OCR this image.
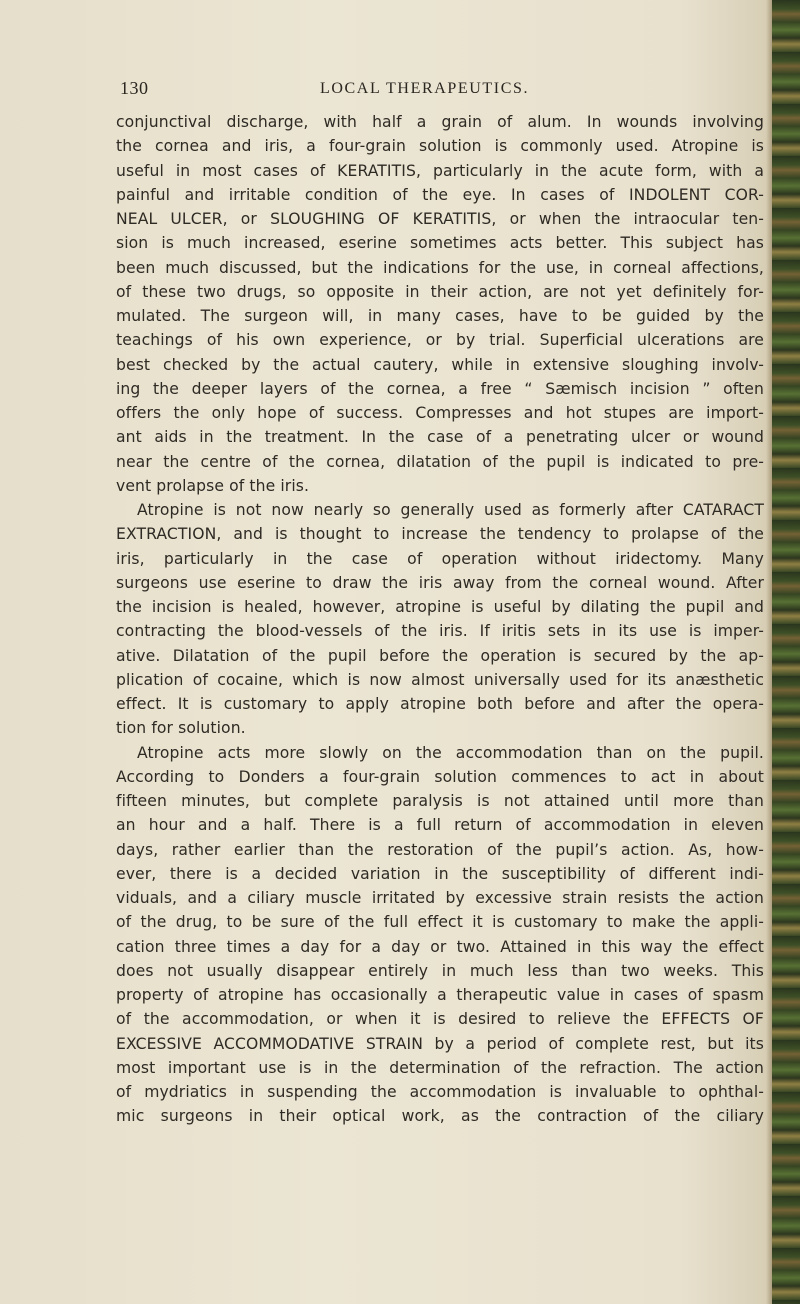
130	LOCAL THERAPEUTICS.
conjunctival discharge, with half a grain of alum. In wounds involving
the cornea and iris, a four-grain solution is commonly used. Atropine is
useful in most cases of KERATITIS, particularly in the acute form, with a
painful and irritable condition of the eye. In cases of INDOLENT COR-
NEAL ULCER, or SLOUGHING OF KERATITIS, or when the intraocular ten-
sion is much increased, eserine sometimes acts better. This subject has
been much discussed, but the indications for the use, in corneal affections,
of these two drugs, so opposite in their action, are not yet definitely for-
mulated. The surgeon will, in many cases, have to be guided by the
teachings of his own experience, or by trial. Superficial ulcerations are
best checked by the actual cautery, while in extensive sloughing involv-
ing the deeper layers of the cornea, a free “ Sæmisch incision ” often
offers the only hope of success. Compresses and hot stupes are import-
ant aids in the treatment. In the case of a penetrating ulcer or wound
near the centre of the cornea, dilatation of the pupil is indicated to pre-
vent prolapse of the iris.
Atropine is not now nearly so generally used as formerly after CATARACT
EXTRACTION, and is thought to increase the tendency to prolapse of the
iris, particularly in the case of operation without iridectomy. Many
surgeons use eserine to draw the iris away from the corneal wound. After
the incision is healed, however, atropine is useful by dilating the pupil and
contracting the blood-vessels of the iris. If iritis sets in its use is imper-
ative. Dilatation of the pupil before the operation is secured by the ap-
plication of cocaine, which is now almost universally used for its anæsthetic
effect. It is customary to apply atropine both before and after the opera-
tion for solution.
Atropine acts more slowly on the accommodation than on the pupil.
According to Donders a four-grain solution commences to act in about
fifteen minutes, but complete paralysis is not attained until more than
an hour and a half. There is a full return of accommodation in eleven
days, rather earlier than the restoration of the pupil’s action. As, how-
ever, there is a decided variation in the susceptibility of different indi-
viduals, and a ciliary muscle irritated by excessive strain resists the action
of the drug, to be sure of the full effect it is customary to make the appli-
cation three times a day for a day or two. Attained in this way the effect
does not usually disappear entirely in much less than two weeks. This
property of atropine has occasionally a therapeutic value in cases of spasm
of the accommodation, or when it is desired to relieve the EFFECTS OF
EXCESSIVE ACCOMMODATIVE STRAIN by a period of complete rest, but its
most important use is in the determination of the refraction. The action
of mydriatics in suspending the accommodation is invaluable to ophthal-
mic surgeons in their optical work, as the contraction of the ciliary
